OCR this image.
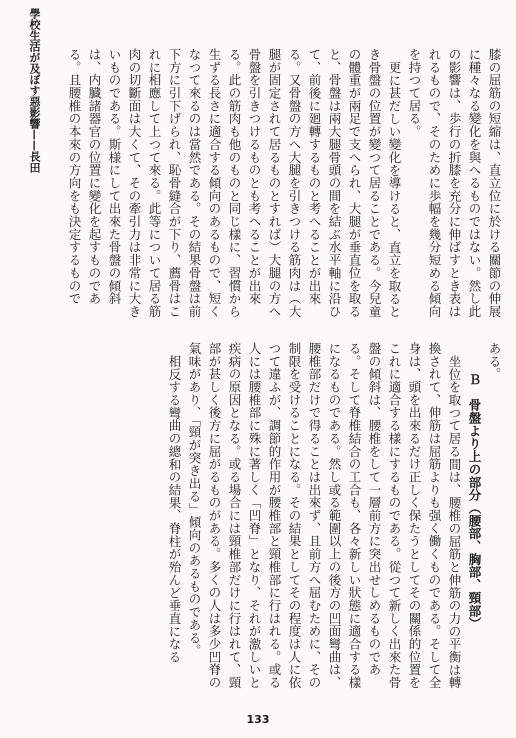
學校生活が及ぼす惡影響——長田	膝の屈筋の短縮は、直立位に於ける關節の伸展に種々なる變化を與へるものではない。然し此の影響は、歩行の折膝を充分に伸ばすとき表はれるもので、そのために歩幅を幾分短める傾向を持つて居る。

更に甚だしい變化を導けると、直立を取るとき骨盤の位置が變つて居ることである。今兒童の體重が兩足で支へられ、大腿が垂直位を取ると、骨盤は兩大腿骨頭の間を結ぶ水平軸に沿ひて、前後に廻轉するものと考へることが出來る。又骨盤の方へ大腿を引きつける筋肉は（大腿が固定されて居るものとすれば）大腿の方へ骨盤を引きつけるものとも考へることが出來る。此の筋肉も他のものと同じ樣に、習慣から生ずる長さに適合する傾向のあるもので、短くなつて來るのは當然である。その結果骨盤は前下方に引下げられ、恥骨縫合が下り、薦骨はこれに相應して上つて來る。此等について居る筋肉の切斷面は大くて、その牽引力は非常に大きいものである。斯様にして出來た骨盤の傾斜は、内臓諸器官の位置に變化を起すものである。且腰椎の本來の方向をも決定するもので

ある。

Ｂ　骨盤より上の部分（腰部、胸部、頸部）

坐位を取つて居る間は、腰椎の屈筋と伸筋の力の平衡は轉換されて、伸筋は屈筋よりも强く働くものである。そして全身は、頭を出來るだけ正しく保たうとしてその關係的位置をこれに適合する樣にするものである。從つて新しく出來た骨盤の傾斜は、腰椎をして一層前方に突出せしめるものである。そして脊椎結合の工合も、各々新しい狀態に適合する樣になるものである。然し或る範圍以上の後方の凹面彎曲は、腰椎部だけで得ることは出來ず、且前方へ屈むために、その制限を受けることになる。その結果としてその程度は人に依つて違ふが、調節的作用が腰椎部と頸椎部に行はれる。或る人には腰椎部に殊に著しく「凹脊」となり、それが激しいと疾病の原因となる。或る場合には頸椎部だけに行はれて、頸部が甚しく後方に屈がるものがある。多くの人は多少凹脊の氣味があり、「頸が突き出る」傾向のあるものである。

相反する彎曲の總和の結果、脊柱が殆んど垂直になる

133
